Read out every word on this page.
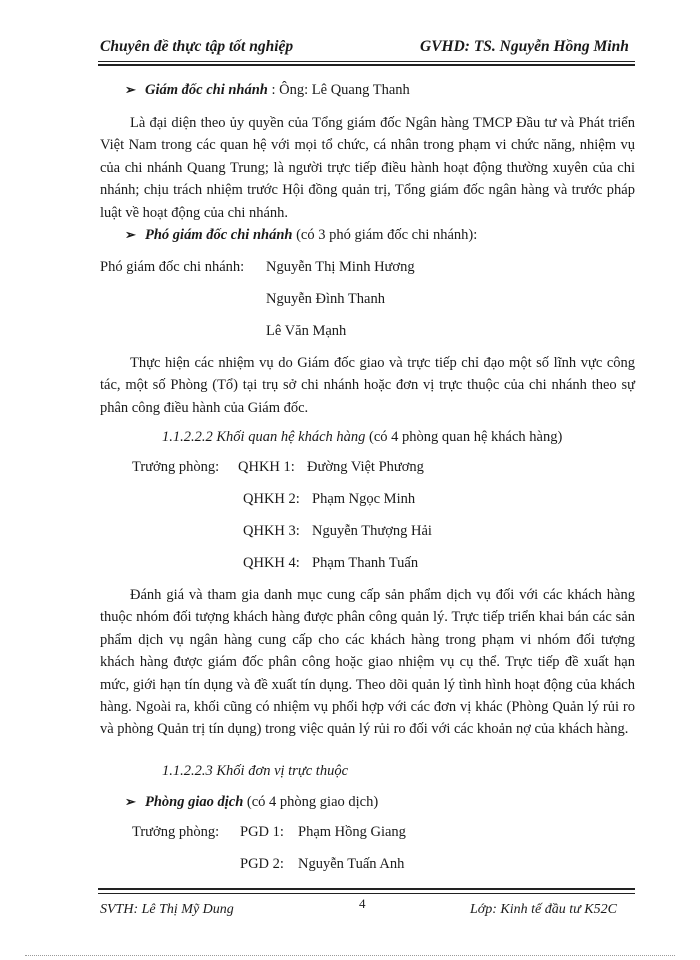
Chuyên đề thực tập tốt nghiệp	GVHD: TS. Nguyễn Hồng Minh
➢ Giám đốc chi nhánh : Ông: Lê Quang Thanh

Là đại diện theo ủy quyền của Tổng giám đốc Ngân hàng TMCP Đầu tư và Phát triển Việt Nam trong các quan hệ với mọi tổ chức, cá nhân trong phạm vi chức năng, nhiệm vụ của chi nhánh Quang Trung; là người trực tiếp điều hành hoạt động thường xuyên của chi nhánh; chịu trách nhiệm trước Hội đồng quản trị, Tổng giám đốc ngân hàng và trước pháp luật về hoạt động của chi nhánh.

➢ Phó giám đốc chi nhánh (có 3 phó giám đốc chi nhánh):
Phó giám đốc chi nhánh: Nguyễn Thị Minh Hương
Nguyễn Đình Thanh
Lê Văn Mạnh

Thực hiện các nhiệm vụ do Giám đốc giao và trực tiếp chỉ đạo một số lĩnh vực công tác, một số Phòng (Tổ) tại trụ sở chi nhánh hoặc đơn vị trực thuộc của chi nhánh theo sự phân công điều hành của Giám đốc.

1.1.2.2.2 Khối quan hệ khách hàng (có 4 phòng quan hệ khách hàng)
Trưởng phòng: QHKH 1: Đường Việt Phương
QHKH 2: Phạm Ngọc Minh
QHKH 3: Nguyễn Thượng Hải
QHKH 4: Phạm Thanh Tuấn

Đánh giá và tham gia danh mục cung cấp sản phẩm dịch vụ đối với các khách hàng thuộc nhóm đối tượng khách hàng được phân công quản lý. Trực tiếp triển khai bán các sản phẩm dịch vụ ngân hàng cung cấp cho các khách hàng trong phạm vi nhóm đối tượng khách hàng được giám đốc phân công hoặc giao nhiệm vụ cụ thể. Trực tiếp đề xuất hạn mức, giới hạn tín dụng và đề xuất tín dụng. Theo dõi quản lý tình hình hoạt động của khách hàng. Ngoài ra, khối cũng có nhiệm vụ phối hợp với các đơn vị khác (Phòng Quản lý rủi ro và phòng Quản trị tín dụng) trong việc quản lý rủi ro đối với các khoản nợ của khách hàng.

1.1.2.2.3 Khối đơn vị trực thuộc
➢ Phòng giao dịch (có 4 phòng giao dịch)
Trưởng phòng: PGD 1: Phạm Hồng Giang
PGD 2: Nguyễn Tuấn Anh
4
SVTH: Lê Thị Mỹ Dung	Lớp: Kinh tế đầu tư K52C
